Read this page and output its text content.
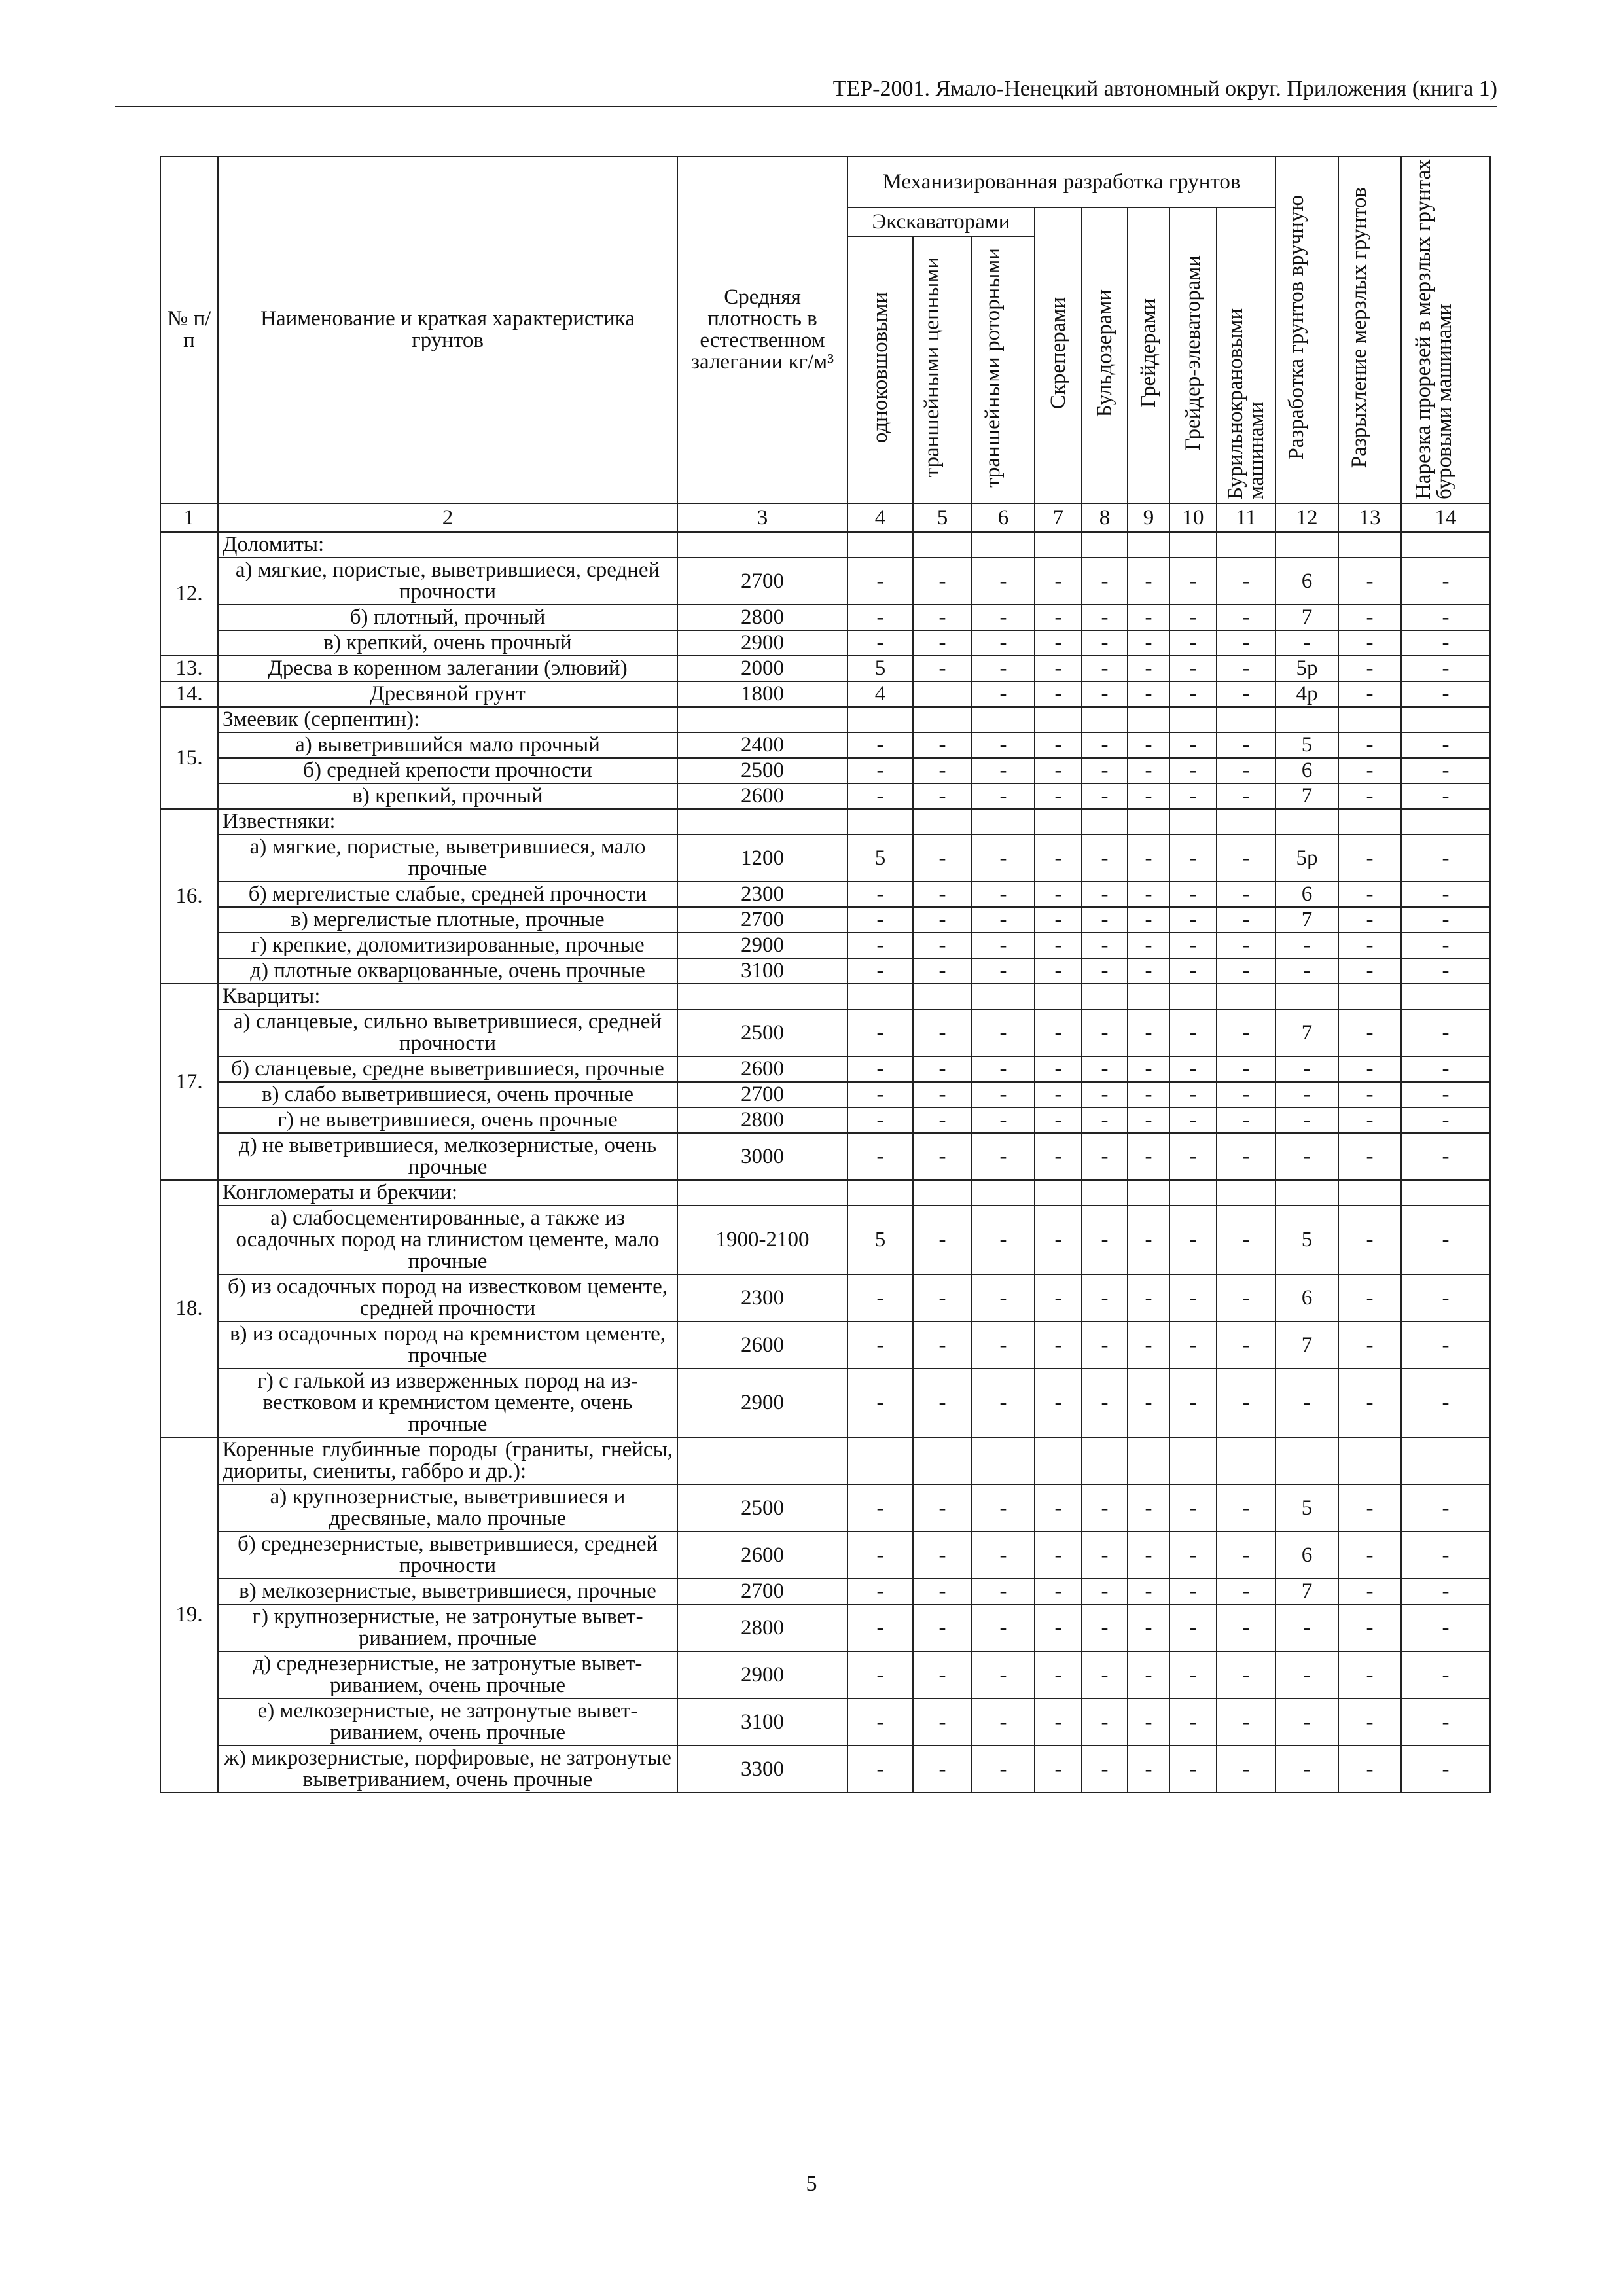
ТЕР-2001. Ямало-Ненецкий автономный округ. Приложения (книга 1)
№ п/п	Наименование и краткая характеристика грунтов	Средняя плотность в естественном залегании кг/м³	Механизированная разработка грунтов								Разработка грунтов вручную	Разрыхление мерзлых грунтов	Нарезка прорезей в мерзлых грунтах буровыми машинами
			Экскаваторами			Скреперами	Бульдозерами	Грейдерами	Грейдер-элеваторами	Бурильнокрановыми машинами			
			одноковшовыми	траншейными цепными	траншейными роторными								
1	2	3	4	5	6	7	8	9	10	11	12	13	14
12.	Доломиты:												
	а) мягкие, пористые, выветрившиеся, средней прочности	2700	-	-	-	-	-	-	-	-	6	-	-
	б) плотный, прочный	2800	-	-	-	-	-	-	-	-	7	-	-
	в) крепкий, очень прочный	2900	-	-	-	-	-	-	-	-	-	-	-
13.	Дресва в коренном залегании (элювий)	2000	5	-	-	-	-	-	-	-	5р	-	-
14.	Дресвяной грунт	1800	4		-	-	-	-	-	-	4р	-	-
15.	Змеевик (серпентин):												
	а) выветрившийся мало прочный	2400	-	-	-	-	-	-	-	-	5	-	-
	б) средней крепости прочности	2500	-	-	-	-	-	-	-	-	6	-	-
	в) крепкий, прочный	2600	-	-	-	-	-	-	-	-	7	-	-
16.	Известняки:												
	а) мягкие, пористые, выветрившиеся, мало прочные	1200	5	-	-	-	-	-	-	-	5р	-	-
	б) мергелистые слабые, средней прочности	2300	-	-	-	-	-	-	-	-	6	-	-
	в) мергелистые плотные, прочные	2700	-	-	-	-	-	-	-	-	7	-	-
	г) крепкие, доломитизированные, прочные	2900	-	-	-	-	-	-	-	-	-	-	-
	д) плотные окварцованные, очень прочные	3100	-	-	-	-	-	-	-	-	-	-	-
17.	Кварциты:												
	а) сланцевые, сильно выветрившиеся, средней прочности	2500	-	-	-	-	-	-	-	-	7	-	-
	б) сланцевые, средне выветрившиеся, прочные	2600	-	-	-	-	-	-	-	-	-	-	-
	в) слабо выветрившиеся, очень прочные	2700	-	-	-	-	-	-	-	-	-	-	-
	г) не выветрившиеся, очень прочные	2800	-	-	-	-	-	-	-	-	-	-	-
	д) не выветрившиеся, мелкозернистые, очень прочные	3000	-	-	-	-	-	-	-	-	-	-	-
18.	Конгломераты и брекчии:												
	а) слабосцементированные, а также из осадочных пород на глинистом цементе, мало прочные	1900-2100	5	-	-	-	-	-	-	-	5	-	-
	б) из осадочных пород на известковом цементе, средней прочности	2300	-	-	-	-	-	-	-	-	6	-	-
	в) из осадочных пород на кремнистом цементе, прочные	2600	-	-	-	-	-	-	-	-	7	-	-
	г) с галькой из изверженных пород на известковом и кремнистом цементе, очень прочные	2900	-	-	-	-	-	-	-	-	-	-	-
19.	Коренные глубинные породы (граниты, гнейсы, диориты, сиениты, габбро и др.):												
	а) крупнозернистые, выветрившиеся и дресвяные, мало прочные	2500	-	-	-	-	-	-	-	-	5	-	-
	б) среднезернистые, выветрившиеся, средней прочности	2600	-	-	-	-	-	-	-	-	6	-	-
	в) мелкозернистые, выветрившиеся, прочные	2700	-	-	-	-	-	-	-	-	7	-	-
	г) крупнозернистые, не затронутые выветриванием, прочные	2800	-	-	-	-	-	-	-	-	-	-	-
	д) среднезернистые, не затронутые выветриванием, очень прочные	2900	-	-	-	-	-	-	-	-	-	-	-
	е) мелкозернистые, не затронутые выветриванием, очень прочные	3100	-	-	-	-	-	-	-	-	-	-	-
	ж) микрозернистые, порфировые, не затронутые выветриванием, очень прочные	3300	-	-	-	-	-	-	-	-	-	-	-
5
